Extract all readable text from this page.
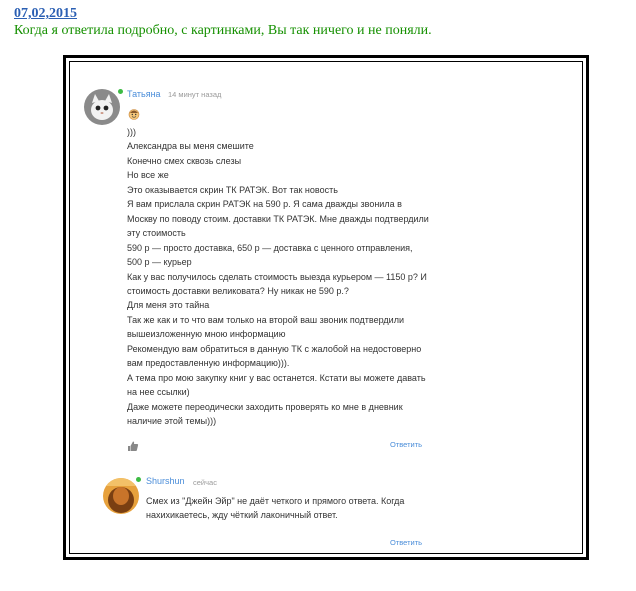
07,02,2015
Когда я ответила подробно, с картинками, Вы так ничего и не поняли.
Татьяна 14 минут назад
)))
Александра вы меня смешите
Конечно смех сквозь слезы
Но все же
Это оказывается скрин ТК РАТЭК. Вот так новость
Я вам прислала скрин РАТЭК на 590 р. Я сама дважды звонила в
Москву по поводу стоим. доставки ТК РАТЭК. Мне дважды подтвердили
эту стоимость
590 р — просто доставка, 650 р — доставка с ценного отправления,
500 р — курьер
Как у вас получилось сделать стоимость выезда курьером — 1150 р? И
стоимость доставки великовата? Ну никак не 590 р.?
Для меня это тайна
Так же как и то что вам только на второй ваш звоник подтвердили
вышеизложенную мною информацию
Рекомендую вам обратиться в данную ТК с жалобой на недостоверно
вам предоставленную информацию))).
А тема про мою закупку книг у вас останется. Кстати вы можете давать
на нее ссылки)
Даже можете переодически заходить проверять ко мне в дневник
наличие этой темы)))
Ответить
Shurshun сейчас
Смех из "Джейн Эйр" не даёт четкого и прямого ответа. Когда
нахихикаетесь, жду чёткий лаконичный ответ.
Ответить
